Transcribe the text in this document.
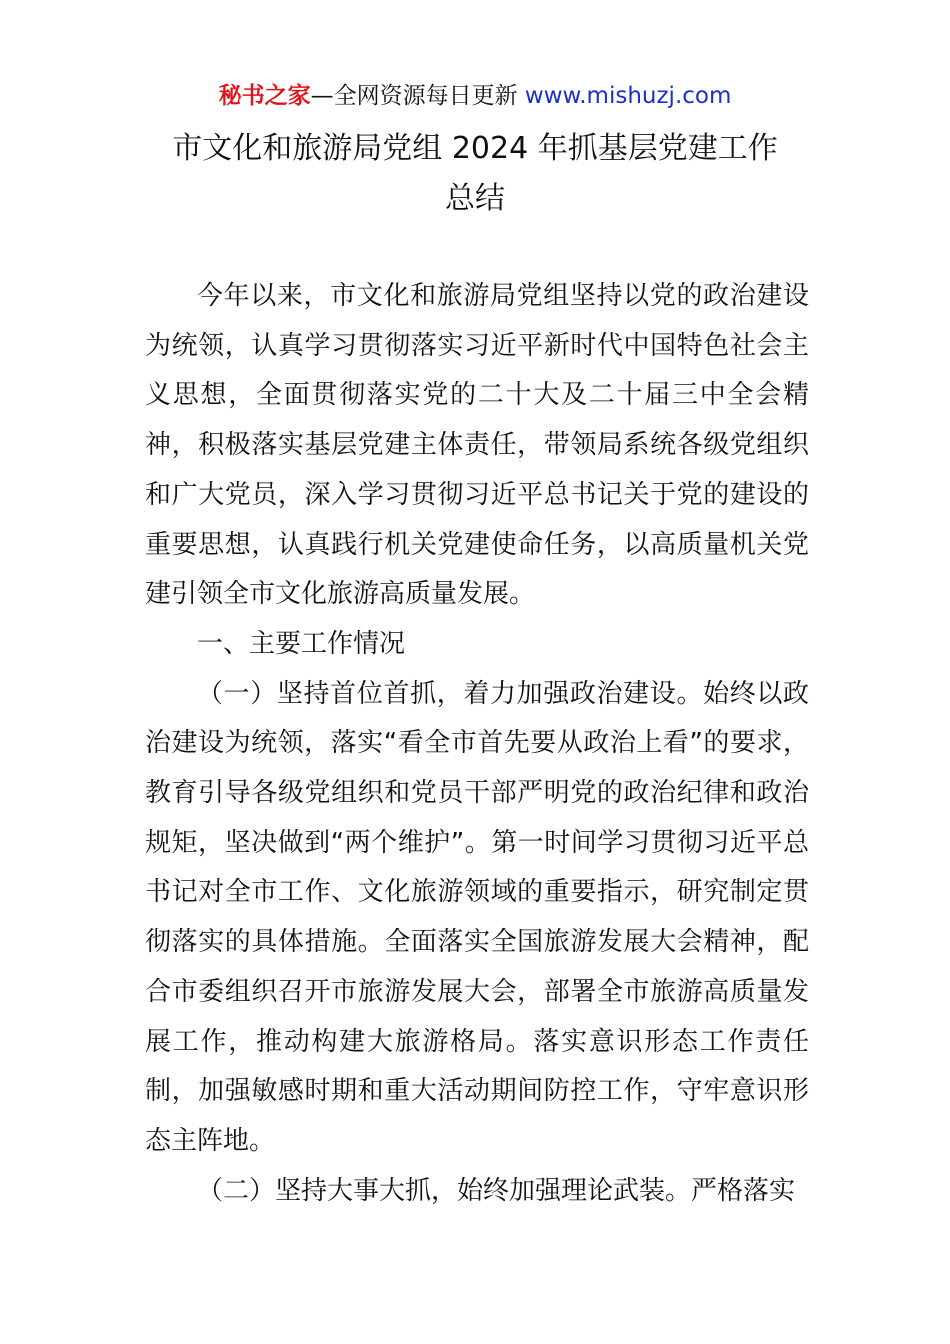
秘书之家—全网资源每日更新 www.mishuzj.com
市文化和旅游局党组 2024 年抓基层党建工作
总结

今年以来，市文化和旅游局党组坚持以党的政治建设为统领，认真学习贯彻落实习近平新时代中国特色社会主义思想，全面贯彻落实党的二十大及二十届三中全会精神，积极落实基层党建主体责任，带领局系统各级党组织和广大党员，深入学习贯彻习近平总书记关于党的建设的重要思想，认真践行机关党建使命任务，以高质量机关党建引领全市文化旅游高质量发展。

一、主要工作情况

（一）坚持首位首抓，着力加强政治建设。始终以政治建设为统领，落实“看全市首先要从政治上看”的要求，教育引导各级党组织和党员干部严明党的政治纪律和政治规矩，坚决做到“两个维护”。第一时间学习贯彻习近平总书记对全市工作、文化旅游领域的重要指示，研究制定贯彻落实的具体措施。全面落实全国旅游发展大会精神，配合市委组织召开市旅游发展大会，部署全市旅游高质量发展工作，推动构建大旅游格局。落实意识形态工作责任制，加强敏感时期和重大活动期间防控工作，守牢意识形态主阵地。

（二）坚持大事大抓，始终加强理论武装。严格落实
